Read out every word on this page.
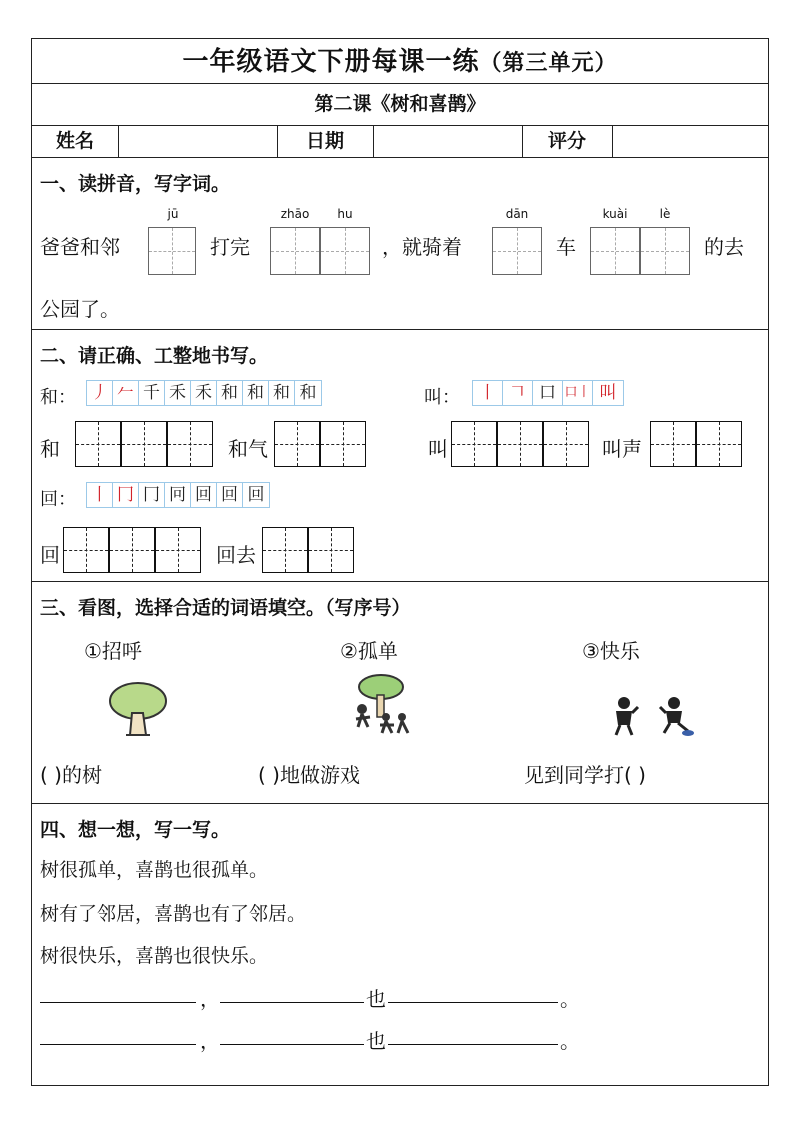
一年级语文下册每课一练（第三单元）
第二课《树和喜鹊》
姓名	日期	评分
一、读拼音，写字词。
爸爸和邻
jū
打完
zhāo	hu
，就骑着
dān
车
kuài	lè
的去
公园了。
二、请正确、工整地书写。
和： 丿 𠂉 千 禾 禾 和 和 和 和	叫：	丨 𠃍 口 口丨 叫
和	和气	叫	叫声
回： 丨 冂 冂 冋 回 回 回
回	回去
三、看图，选择合适的词语填空。（写序号）
①招呼	②孤单	③快乐
( )的树	( )地做游戏	见到同学打( )
四、想一想，写一写。
树很孤单，喜鹊也很孤单。
树有了邻居，喜鹊也有了邻居。
树很快乐，喜鹊也很快乐。
，	也	。
，	也	。
